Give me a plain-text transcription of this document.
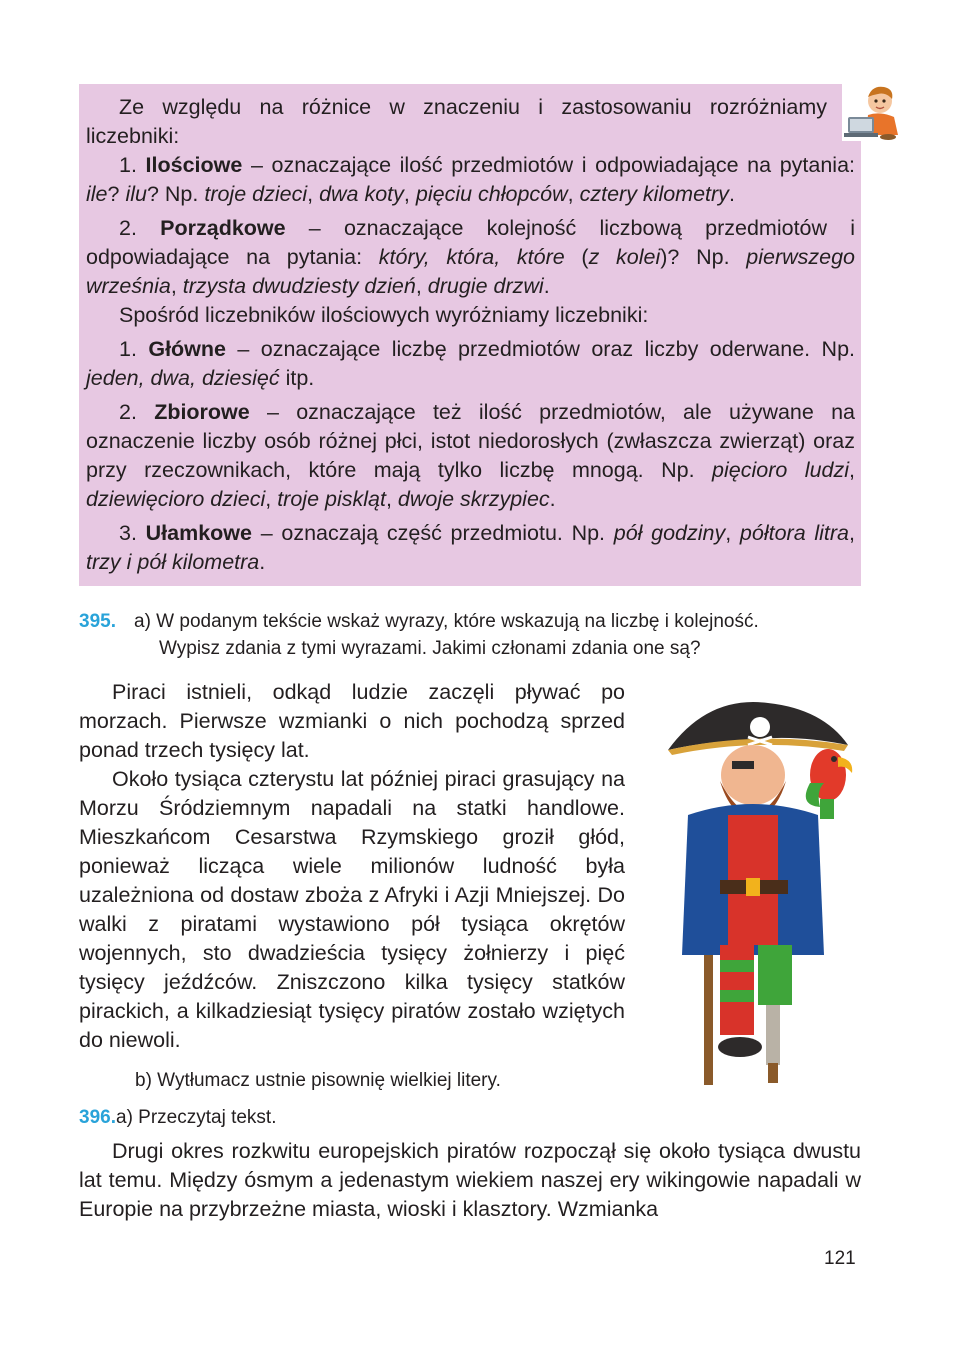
Ze względu na różnice w znaczeniu i zastosowaniu rozróżniamy liczebniki:

1. Ilościowe – oznaczające ilość przedmiotów i odpowiadające na pytania: ile? ilu? Np. troje dzieci, dwa koty, pięciu chłopców, cztery kilometry.

2. Porządkowe – oznaczające kolejność liczbową przedmiotów i odpowiadające na pytania: który, która, które (z kolei)? Np. pierwszego września, trzysta dwudziesty dzień, drugie drzwi.

Spośród liczebników ilościowych wyróżniamy liczebniki:

1. Główne – oznaczające liczbę przedmiotów oraz liczby oderwane. Np. jeden, dwa, dziesięć itp.

2. Zbiorowe – oznaczające też ilość przedmiotów, ale używane na oznaczenie liczby osób różnej płci, istot niedorosłych (zwłaszcza zwierząt) oraz przy rzeczownikach, które mają tylko liczbę mnogą. Np. pięcioro ludzi, dziewięcioro dzieci, troje piskląt, dwoje skrzypiec.

3. Ułamkowe – oznaczają część przedmiotu. Np. pół godziny, półtora litra, trzy i pół kilometra.

395. a) W podanym tekście wskaż wyrazy, które wskazują na liczbę i kolejność.
Wypisz zdania z tymi wyrazami. Jakimi członami zdania one są?

Piraci istnieli, odkąd ludzie zaczęli pływać po morzach. Pierwsze wzmianki o nich pochodzą sprzed ponad trzech tysięcy lat.

Około tysiąca czterystu lat później piraci grasujący na Morzu Śródziemnym napadali na statki handlowe. Mieszkańcom Cesarstwa Rzymskiego groził głód, ponieważ licząca wiele milionów ludność była uzależniona od dostaw zboża z Afryki i Azji Mniejszej. Do walki z piratami wystawiono pół tysiąca okrętów wojennych, sto dwadzieścia tysięcy żołnierzy i pięć tysięcy jeźdźców. Zniszczono kilka tysięcy statków pirackich, a kilkadziesiąt tysięcy piratów zostało wziętych do niewoli.

b) Wytłumacz ustnie pisownię wielkiej litery.
396.a) Przeczytaj tekst.

Drugi okres rozkwitu europejskich piratów rozpoczął się około tysiąca dwustu lat temu. Między ósmym a jedenastym wiekiem naszej ery wikingowie napadali w Europie na przybrzeżne miasta, wioski i klasztory. Wzmianka

121
